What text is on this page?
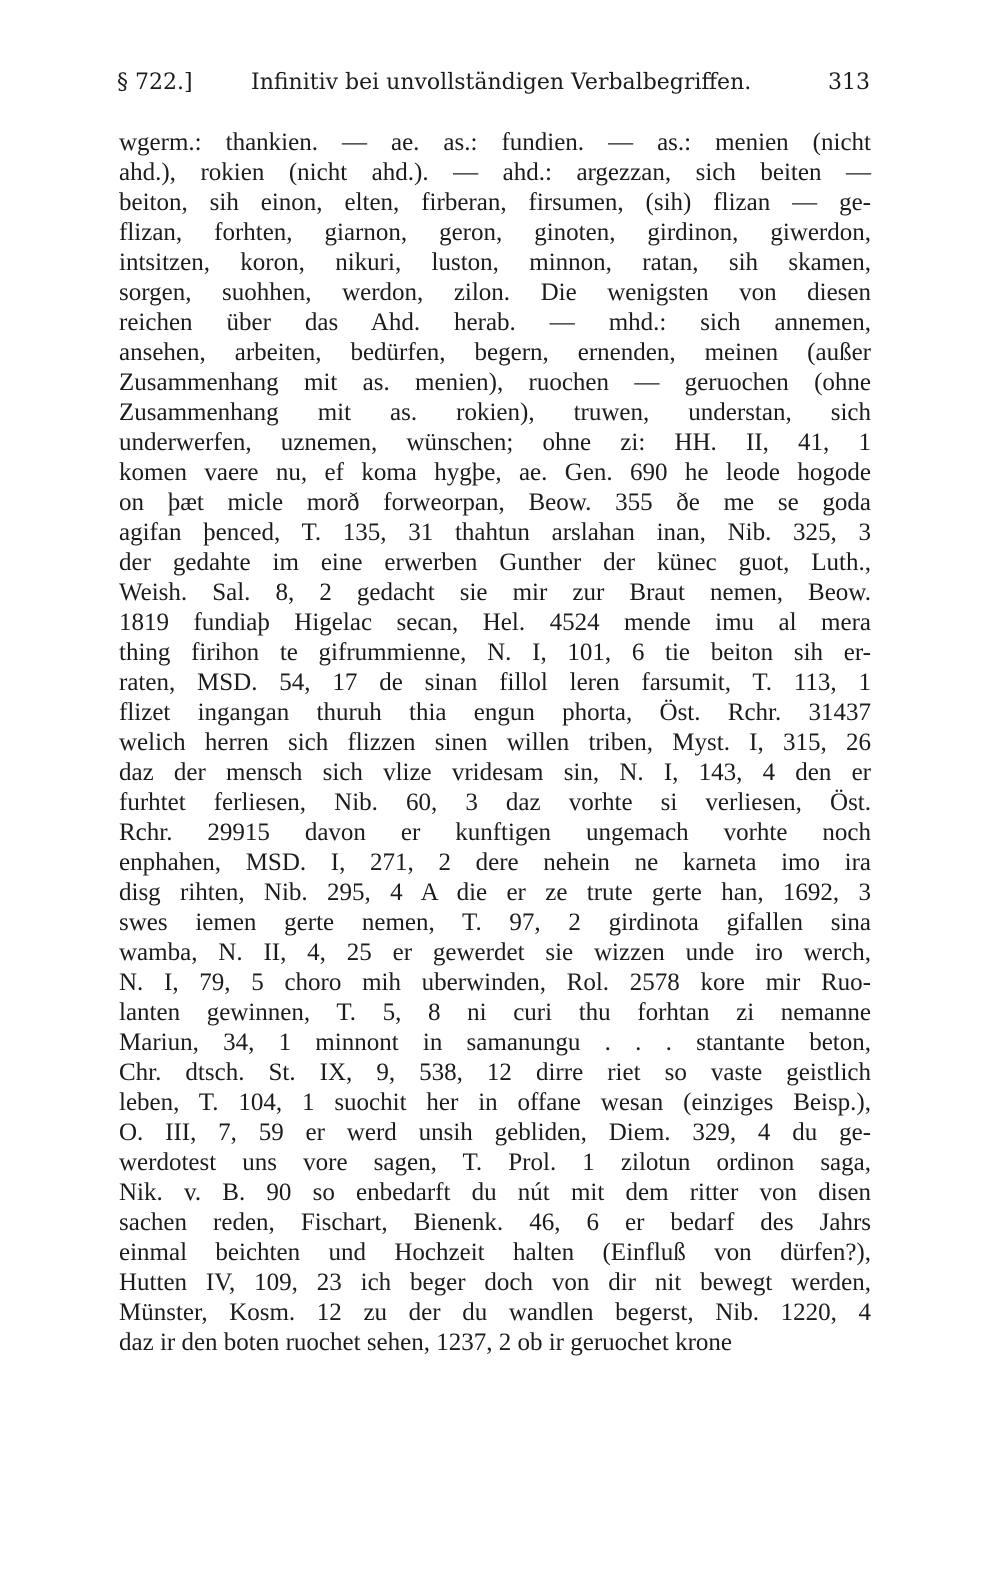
§ 722.]	Infinitiv bei unvollständigen Verbalbegriffen.	313
wgerm.: thankien. — ae. as.: fundien. — as.: menien (nicht
ahd.), rokien (nicht ahd.). — ahd.: argezzan, sich beiten —
beiton, sih einon, elten, firberan, firsumen, (sih) flizan — ge-
flizan, forhten, giarnon, geron, ginoten, girdinon, giwerdon,
intsitzen, koron, nikuri, luston, minnon, ratan, sih skamen,
sorgen, suohhen, werdon, zilon. Die wenigsten von diesen
reichen über das Ahd. herab. — mhd.: sich annemen,
ansehen, arbeiten, bedürfen, begern, ernenden, meinen (außer
Zusammenhang mit as. menien), ruochen — geruochen (ohne
Zusammenhang mit as. rokien), truwen, understan, sich
underwerfen, uznemen, wünschen; ohne zi: HH. II, 41, 1
komen vaere nu, ef koma hygþe, ae. Gen. 690 he leode hogode
on þæt micle morð forweorpan, Beow. 355 ðe me se goda
agifan þenced, T. 135, 31 thahtun arslahan inan, Nib. 325, 3
der gedahte im eine erwerben Gunther der künec guot, Luth.,
Weish. Sal. 8, 2 gedacht sie mir zur Braut nemen, Beow.
1819 fundiaþ Higelac secan, Hel. 4524 mende imu al mera
thing firihon te gifrummienne, N. I, 101, 6 tie beiton sih er-
raten, MSD. 54, 17 de sinan fillol leren farsumit, T. 113, 1
flizet ingangan thuruh thia engun phorta, Öst. Rchr. 31437
welich herren sich flizzen sinen willen triben, Myst. I, 315, 26
daz der mensch sich vlize vridesam sin, N. I, 143, 4 den er
furhtet ferliesen, Nib. 60, 3 daz vorhte si verliesen, Öst.
Rchr. 29915 davon er kunftigen ungemach vorhte noch
enphahen, MSD. I, 271, 2 dere nehein ne karneta imo ira
disg rihten, Nib. 295, 4 A die er ze trute gerte han, 1692, 3
swes iemen gerte nemen, T. 97, 2 girdinota gifallen sina
wamba, N. II, 4, 25 er gewerdet sie wizzen unde iro werch,
N. I, 79, 5 choro mih uberwinden, Rol. 2578 kore mir Ruo-
lanten gewinnen, T. 5, 8 ni curi thu forhtan zi nemanne
Mariun, 34, 1 minnont in samanungu . . . stantante beton,
Chr. dtsch. St. IX, 9, 538, 12 dirre riet so vaste geistlich
leben, T. 104, 1 suochit her in offane wesan (einziges Beisp.),
O. III, 7, 59 er werd unsih gebliden, Diem. 329, 4 du ge-
werdotest uns vore sagen, T. Prol. 1 zilotun ordinon saga,
Nik. v. B. 90 so enbedarft du nút mit dem ritter von disen
sachen reden, Fischart, Bienenk. 46, 6 er bedarf des Jahrs
einmal beichten und Hochzeit halten (Einfluß von dürfen?),
Hutten IV, 109, 23 ich beger doch von dir nit bewegt werden,
Münster, Kosm. 12 zu der du wandlen begerst, Nib. 1220, 4
daz ir den boten ruochet sehen, 1237, 2 ob ir geruochet krone
